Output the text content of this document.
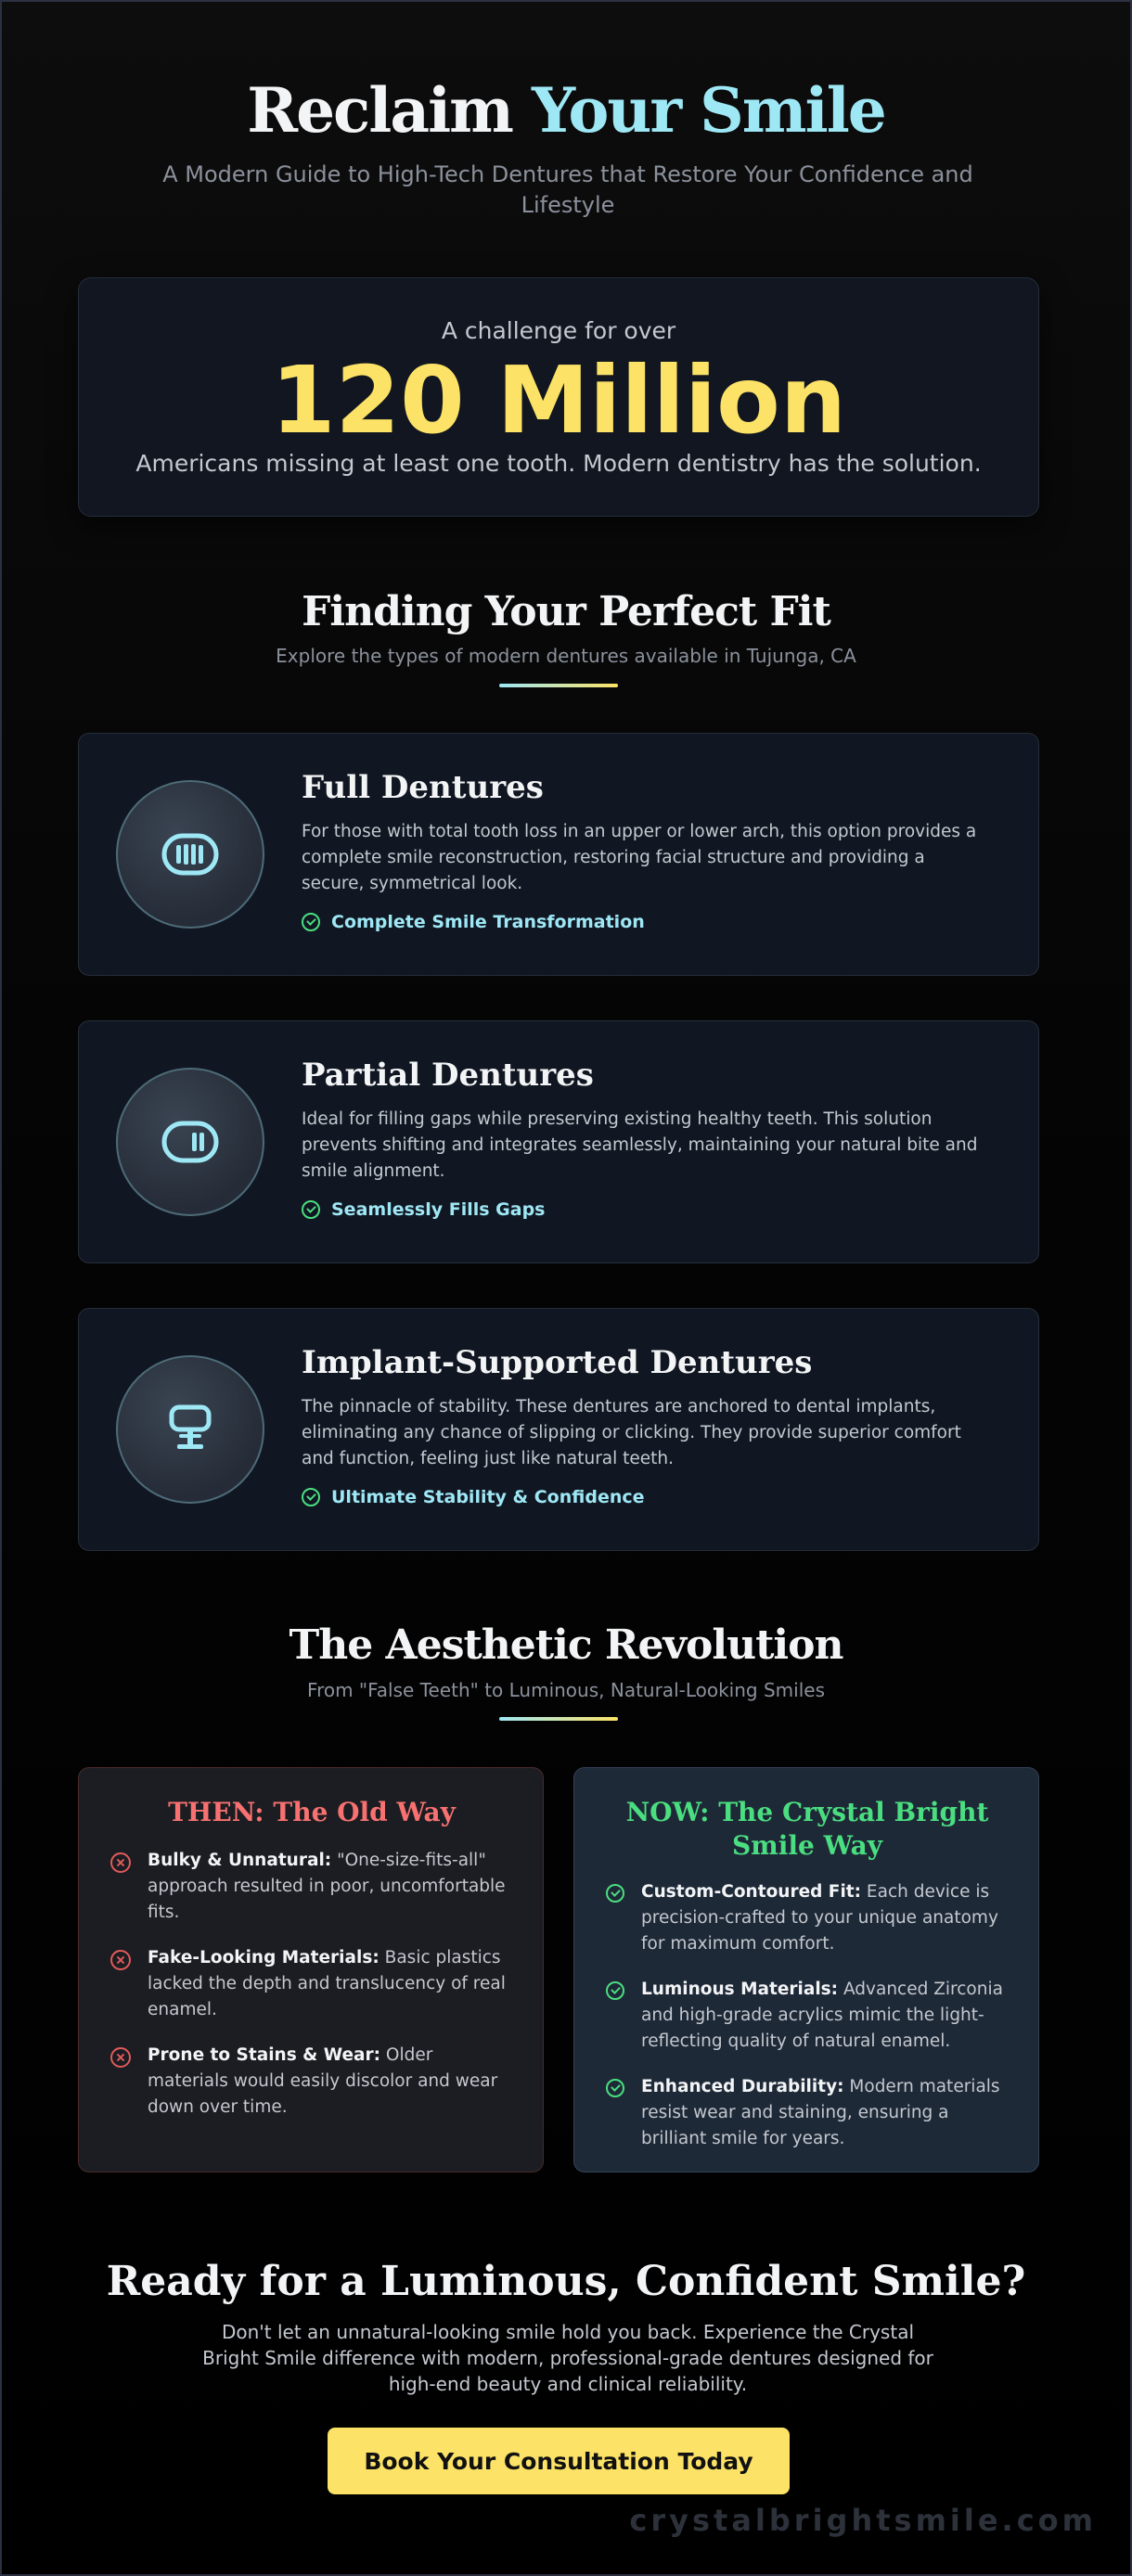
Reclaim Your Smile

A Modern Guide to High-Tech Dentures that Restore Your Confidence and Lifestyle

A challenge for over
120 Million
Americans missing at least one tooth. Modern dentistry has the solution.
Finding Your Perfect Fit

Explore the types of modern dentures available in Tujunga, CA

Full Dentures

For those with total tooth loss in an upper or lower arch, this option provides a complete smile reconstruction, restoring facial structure and providing a secure, symmetrical look.

Complete Smile Transformation
Partial Dentures

Ideal for filling gaps while preserving existing healthy teeth. This solution prevents shifting and integrates seamlessly, maintaining your natural bite and smile alignment.

Seamlessly Fills Gaps
Implant-Supported Dentures

The pinnacle of stability. These dentures are anchored to dental implants, eliminating any chance of slipping or clicking. They provide superior comfort and function, feeling just like natural teeth.

Ultimate Stability & Confidence
The Aesthetic Revolution

From "False Teeth" to Luminous, Natural-Looking Smiles

THEN: The Old Way
Bulky & Unnatural: "One-size-fits-all" approach resulted in poor, uncomfortable fits.
Fake-Looking Materials: Basic plastics lacked the depth and translucency of real enamel.
Prone to Stains & Wear: Older materials would easily discolor and wear down over time.
NOW: The Crystal Bright Smile Way
Custom-Contoured Fit: Each device is precision-crafted to your unique anatomy for maximum comfort.
Luminous Materials: Advanced Zirconia and high-grade acrylics mimic the light-reflecting quality of natural enamel.
Enhanced Durability: Modern materials resist wear and staining, ensuring a brilliant smile for years.
Ready for a Luminous, Confident Smile?

Don't let an unnatural-looking smile hold you back. Experience the Crystal Bright Smile difference with modern, professional-grade dentures designed for high-end beauty and clinical reliability.

Book Your Consultation Today
crystalbrightsmile.com
